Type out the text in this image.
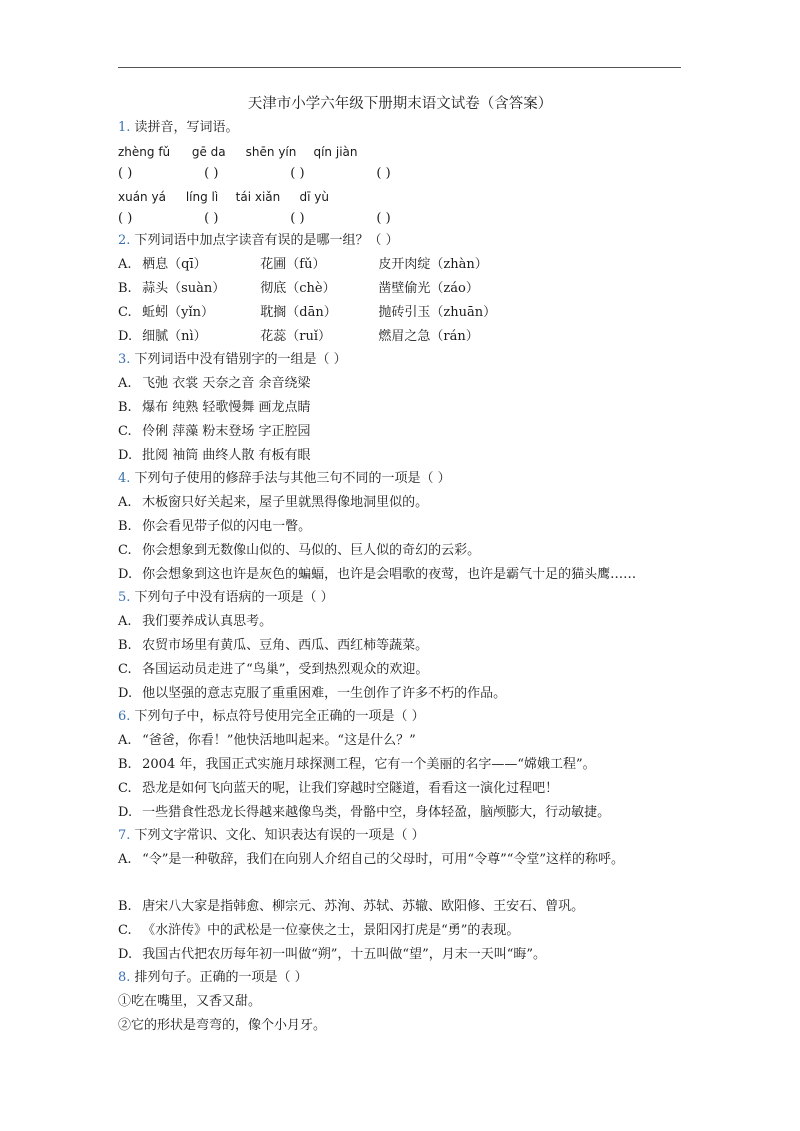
天津市小学六年级下册期末语文试卷（含答案）
1. 读拼音，写词语。
zhèng fǔ gē da shēn yín qín jiàn
( )	( )	( )	( )
xuán yá líng lì tái xiǎn dī yù
( )	( )	( )	( )
2. 下列词语中加点字读音有误的是哪一组？（ ）
A. 栖息（qī）	花圃（fǔ）	皮开肉绽（zhàn）
B. 蒜头（suàn）	彻底（chè）	凿壁偷光（záo）
C. 蚯蚓（yǐn）	耽搁（dān）	抛砖引玉（zhuān）
D. 细腻（nì）	花蕊（ruǐ）	燃眉之急（rán）
3. 下列词语中没有错别字的一组是（ ）
A. 飞弛 衣裳 天奈之音 余音绕梁
B. 爆布 纯熟 轻歌慢舞 画龙点睛
C. 伶俐 萍藻 粉末登场 字正腔园
D. 批阅 袖筒 曲终人散 有板有眼
4. 下列句子使用的修辞手法与其他三句不同的一项是（ ）
A. 木板窗只好关起来，屋子里就黑得像地洞里似的。
B. 你会看见带子似的闪电一瞥。
C. 你会想象到无数像山似的、马似的、巨人似的奇幻的云彩。
D. 你会想象到这也许是灰色的蝙蝠，也许是会唱歌的夜莺，也许是霸气十足的猫头鹰……
5. 下列句子中没有语病的一项是（ ）
A. 我们要养成认真思考。
B. 农贸市场里有黄瓜、豆角、西瓜、西红柿等蔬菜。
C. 各国运动员走进了“鸟巢”，受到热烈观众的欢迎。
D. 他以坚强的意志克服了重重困难，一生创作了许多不朽的作品。
6. 下列句子中，标点符号使用完全正确的一项是（ ）
A. “爸爸，你看！”他快活地叫起来。“这是什么？”
B. 2004 年，我国正式实施月球探测工程，它有一个美丽的名字——“嫦娥工程”。
C. 恐龙是如何飞向蓝天的呢，让我们穿越时空隧道，看看这一演化过程吧！
D. 一些猎食性恐龙长得越来越像鸟类，骨骼中空，身体轻盈，脑颅膨大，行动敏捷。
7. 下列文字常识、文化、知识表达有误的一项是（ ）
A. “令”是一种敬辞，我们在向别人介绍自己的父母时，可用“令尊”“令堂”这样的称呼。
B. 唐宋八大家是指韩愈、柳宗元、苏洵、苏轼、苏辙、欧阳修、王安石、曾巩。
C. 《水浒传》中的武松是一位豪侠之士，景阳冈打虎是“勇”的表现。
D. 我国古代把农历每年初一叫做“朔”，十五叫做“望”，月末一天叫“晦”。
8. 排列句子。正确的一项是（ ）
①吃在嘴里，又香又甜。
②它的形状是弯弯的，像个小月牙。
